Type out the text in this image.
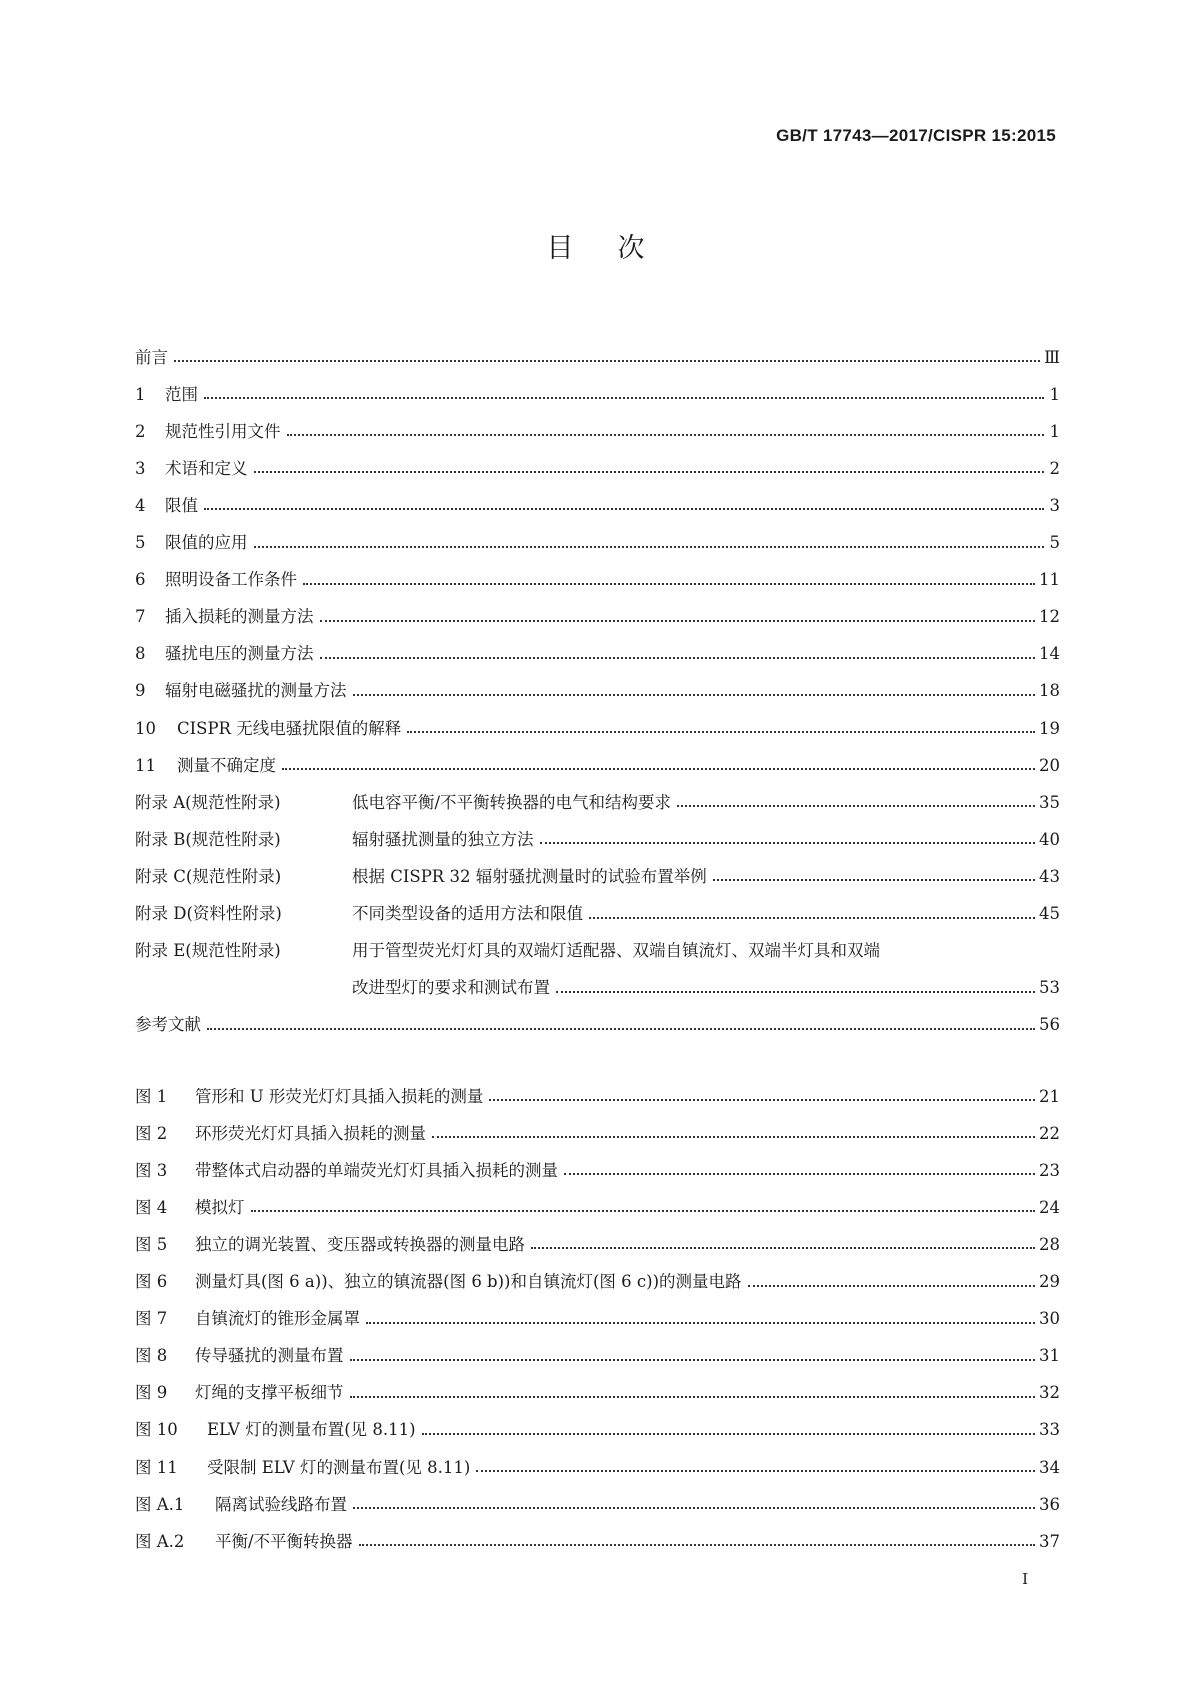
GB/T 17743—2017/CISPR 15:2015
目次
前言	Ⅲ
1	范围	1
2	规范性引用文件	1
3	术语和定义	2
4	限值	3
5	限值的应用	5
6	照明设备工作条件	11
7	插入损耗的测量方法	12
8	骚扰电压的测量方法	14
9	辐射电磁骚扰的测量方法	18
10	CISPR 无线电骚扰限值的解释	19
11	测量不确定度	20
附录 A(规范性附录)	低电容平衡/不平衡转换器的电气和结构要求	35
附录 B(规范性附录)	辐射骚扰测量的独立方法	40
附录 C(规范性附录)	根据 CISPR 32 辐射骚扰测量时的试验布置举例	43
附录 D(资料性附录)	不同类型设备的适用方法和限值	45
附录 E(规范性附录)	用于管型荧光灯灯具的双端灯适配器、双端自镇流灯、双端半灯具和双端
改进型灯的要求和测试布置	53
参考文献	56
图 1	管形和 U 形荧光灯灯具插入损耗的测量	21
图 2	环形荧光灯灯具插入损耗的测量	22
图 3	带整体式启动器的单端荧光灯灯具插入损耗的测量	23
图 4	模拟灯	24
图 5	独立的调光装置、变压器或转换器的测量电路	28
图 6	测量灯具(图 6 a))、独立的镇流器(图 6 b))和自镇流灯(图 6 c))的测量电路	29
图 7	自镇流灯的锥形金属罩	30
图 8	传导骚扰的测量布置	31
图 9	灯绳的支撑平板细节	32
图 10	ELV 灯的测量布置(见 8.11)	33
图 11	受限制 ELV 灯的测量布置(见 8.11)	34
图 A.1	隔离试验线路布置	36
图 A.2	平衡/不平衡转换器	37
I
